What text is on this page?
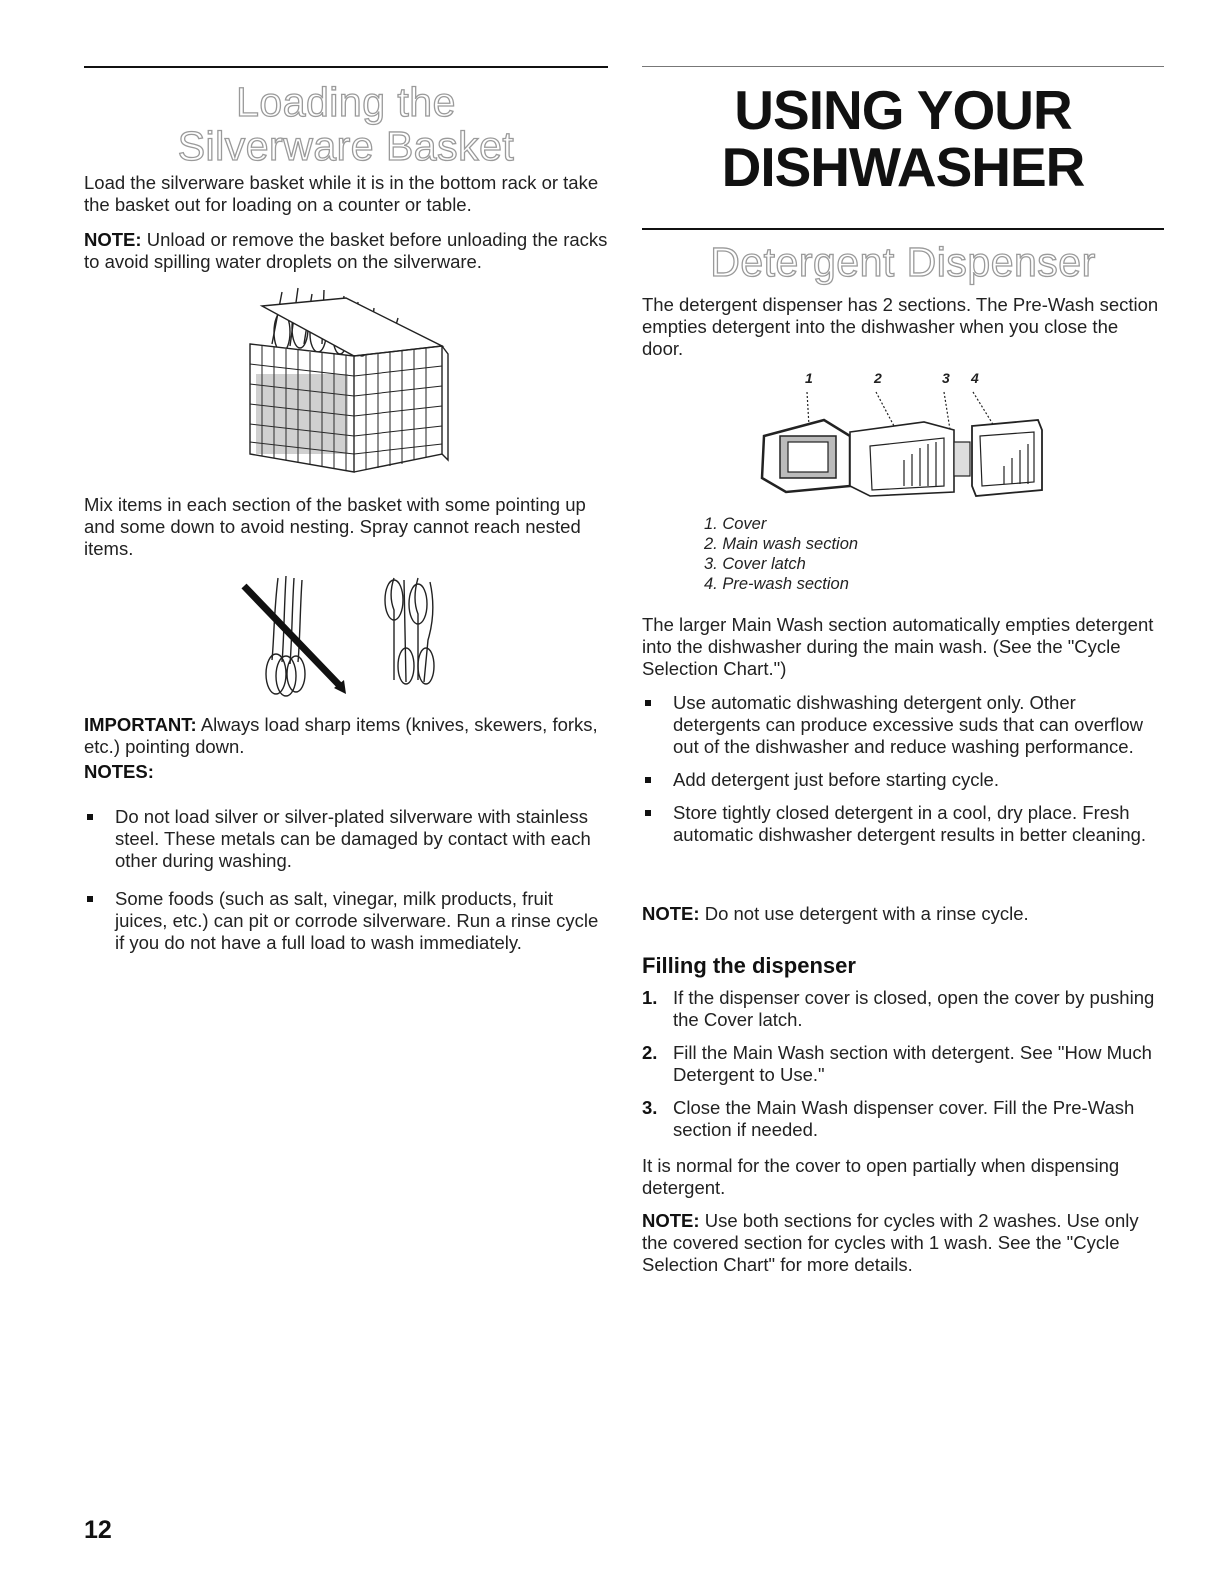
Loading the
Silverware Basket

Load the silverware basket while it is in the bottom rack or take the basket out for loading on a counter or table.

NOTE: Unload or remove the basket before unloading the racks to avoid spilling water droplets on the silverware.

Mix items in each section of the basket with some pointing up and some down to avoid nesting. Spray cannot reach nested items.

IMPORTANT: Always load sharp items (knives, skewers, forks, etc.) pointing down.

NOTES:
Do not load silver or silver-plated silverware with stainless steel. These metals can be damaged by contact with each other during washing.
Some foods (such as salt, vinegar, milk products, fruit juices, etc.) can pit or corrode silverware. Run a rinse cycle if you do not have a full load to wash immediately.
USING YOUR
DISHWASHER
Detergent Dispenser

The detergent dispenser has 2 sections. The Pre-Wash section empties detergent into the dishwasher when you close the door.

1	2	3 4
1. Cover
2. Main wash section
3. Cover latch
4. Pre-wash section

The larger Main Wash section automatically empties detergent into the dishwasher during the main wash. (See the "Cycle Selection Chart.")

Use automatic dishwashing detergent only. Other detergents can produce excessive suds that can overflow out of the dishwasher and reduce washing performance.
Add detergent just before starting cycle.
Store tightly closed detergent in a cool, dry place. Fresh automatic dishwasher detergent results in better cleaning.

NOTE: Do not use detergent with a rinse cycle.

Filling the dispenser
1. If the dispenser cover is closed, open the cover by pushing the Cover latch.
2. Fill the Main Wash section with detergent. See "How Much Detergent to Use."
3. Close the Main Wash dispenser cover. Fill the Pre-Wash section if needed.

It is normal for the cover to open partially when dispensing detergent.

NOTE: Use both sections for cycles with 2 washes. Use only the covered section for cycles with 1 wash. See the "Cycle Selection Chart" for more details.

12
